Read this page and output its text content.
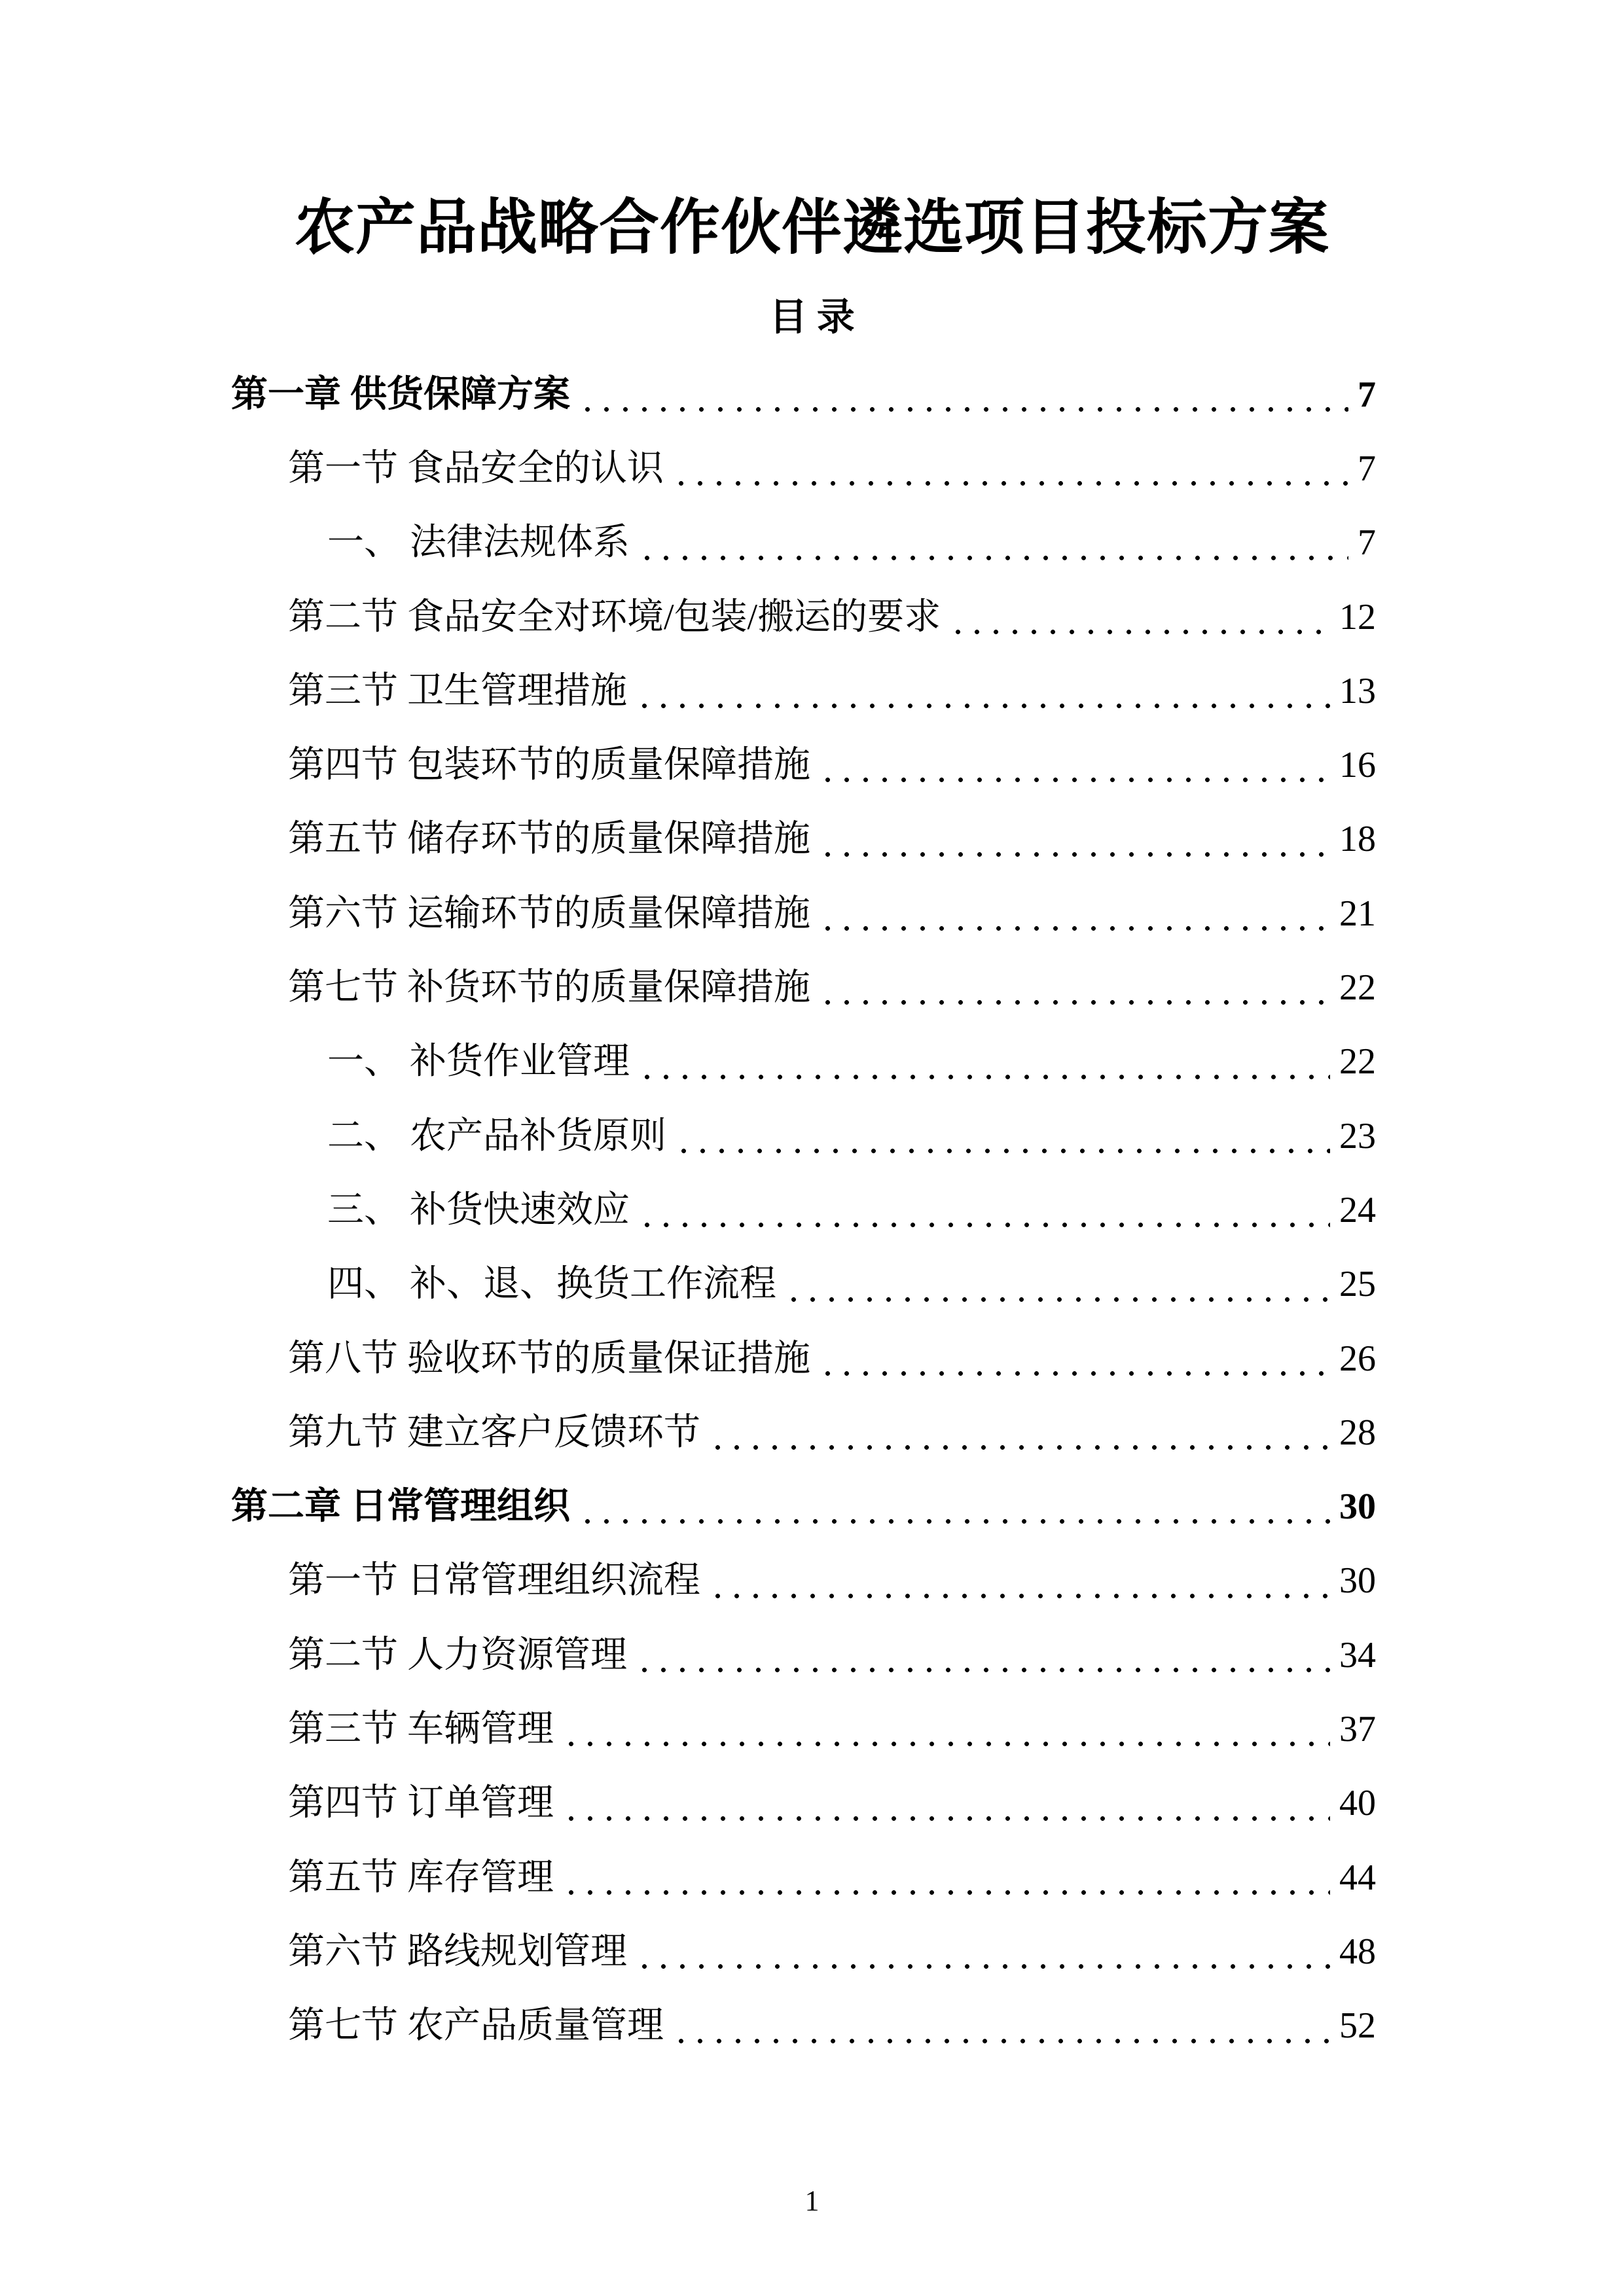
农产品战略合作伙伴遴选项目投标方案
目 录
第一章 供货保障方案	7
第一节 食品安全的认识	7
一、 法律法规体系	7
第二节 食品安全对环境/包装/搬运的要求	12
第三节 卫生管理措施	13
第四节 包装环节的质量保障措施	16
第五节 储存环节的质量保障措施	18
第六节 运输环节的质量保障措施	21
第七节 补货环节的质量保障措施	22
一、 补货作业管理	22
二、 农产品补货原则	23
三、 补货快速效应	24
四、 补、退、换货工作流程	25
第八节 验收环节的质量保证措施	26
第九节 建立客户反馈环节	28
第二章 日常管理组织	30
第一节 日常管理组织流程	30
第二节 人力资源管理	34
第三节 车辆管理	37
第四节 订单管理	40
第五节 库存管理	44
第六节 路线规划管理	48
第七节 农产品质量管理	52
1
